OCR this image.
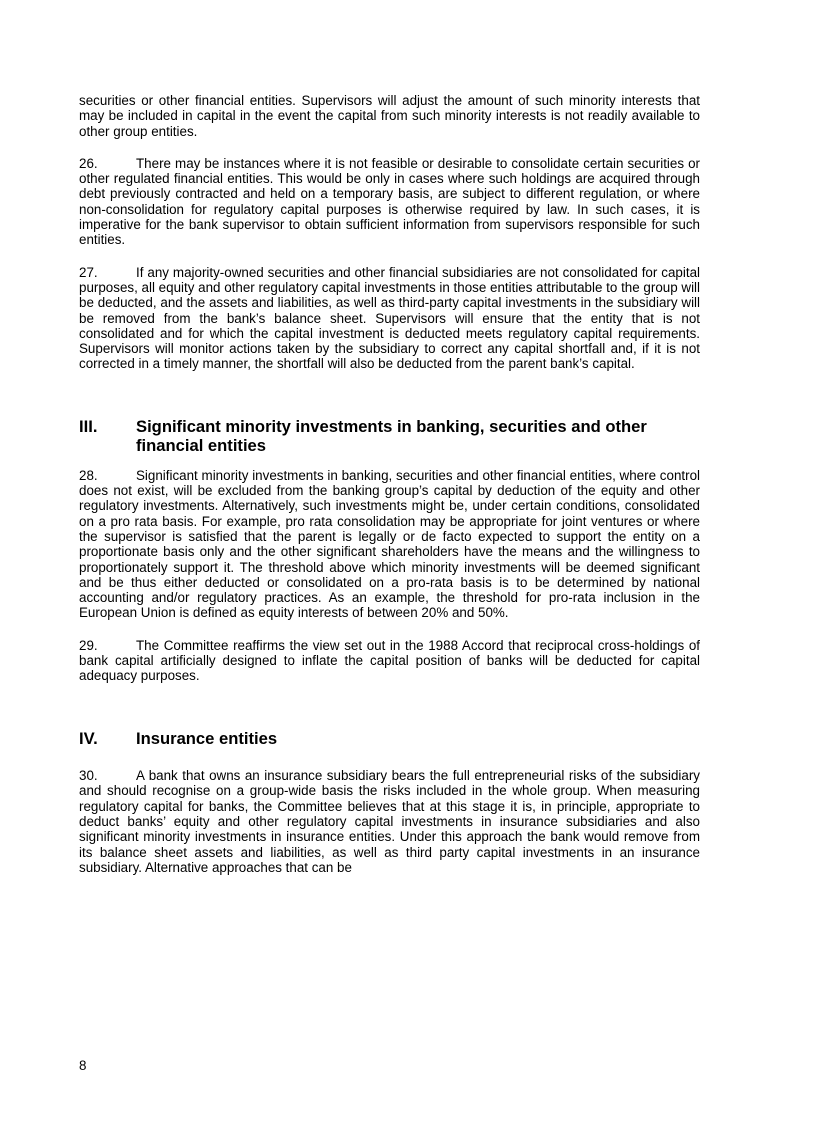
securities or other financial entities. Supervisors will adjust the amount of such minority interests that may be included in capital in the event the capital from such minority interests is not readily available to other group entities.

26.	There may be instances where it is not feasible or desirable to consolidate certain securities or other regulated financial entities. This would be only in cases where such holdings are acquired through debt previously contracted and held on a temporary basis, are subject to different regulation, or where non-consolidation for regulatory capital purposes is otherwise required by law. In such cases, it is imperative for the bank supervisor to obtain sufficient information from supervisors responsible for such entities.

27.	If any majority-owned securities and other financial subsidiaries are not consolidated for capital purposes, all equity and other regulatory capital investments in those entities attributable to the group will be deducted, and the assets and liabilities, as well as third-party capital investments in the subsidiary will be removed from the bank’s balance sheet. Supervisors will ensure that the entity that is not consolidated and for which the capital investment is deducted meets regulatory capital requirements. Supervisors will monitor actions taken by the subsidiary to correct any capital shortfall and, if it is not corrected in a timely manner, the shortfall will also be deducted from the parent bank’s capital.

III.	Significant minority investments in banking, securities and other financial entities

28.	Significant minority investments in banking, securities and other financial entities, where control does not exist, will be excluded from the banking group’s capital by deduction of the equity and other regulatory investments. Alternatively, such investments might be, under certain conditions, consolidated on a pro rata basis. For example, pro rata consolidation may be appropriate for joint ventures or where the supervisor is satisfied that the parent is legally or de facto expected to support the entity on a proportionate basis only and the other significant shareholders have the means and the willingness to proportionately support it. The threshold above which minority investments will be deemed significant and be thus either deducted or consolidated on a pro-rata basis is to be determined by national accounting and/or regulatory practices. As an example, the threshold for pro-rata inclusion in the European Union is defined as equity interests of between 20% and 50%.

29.	The Committee reaffirms the view set out in the 1988 Accord that reciprocal cross-holdings of bank capital artificially designed to inflate the capital position of banks will be deducted for capital adequacy purposes.

IV.	Insurance entities

30.	A bank that owns an insurance subsidiary bears the full entrepreneurial risks of the subsidiary and should recognise on a group-wide basis the risks included in the whole group. When measuring regulatory capital for banks, the Committee believes that at this stage it is, in principle, appropriate to deduct banks’ equity and other regulatory capital investments in insurance subsidiaries and also significant minority investments in insurance entities. Under this approach the bank would remove from its balance sheet assets and liabilities, as well as third party capital investments in an insurance subsidiary. Alternative approaches that can be

8
